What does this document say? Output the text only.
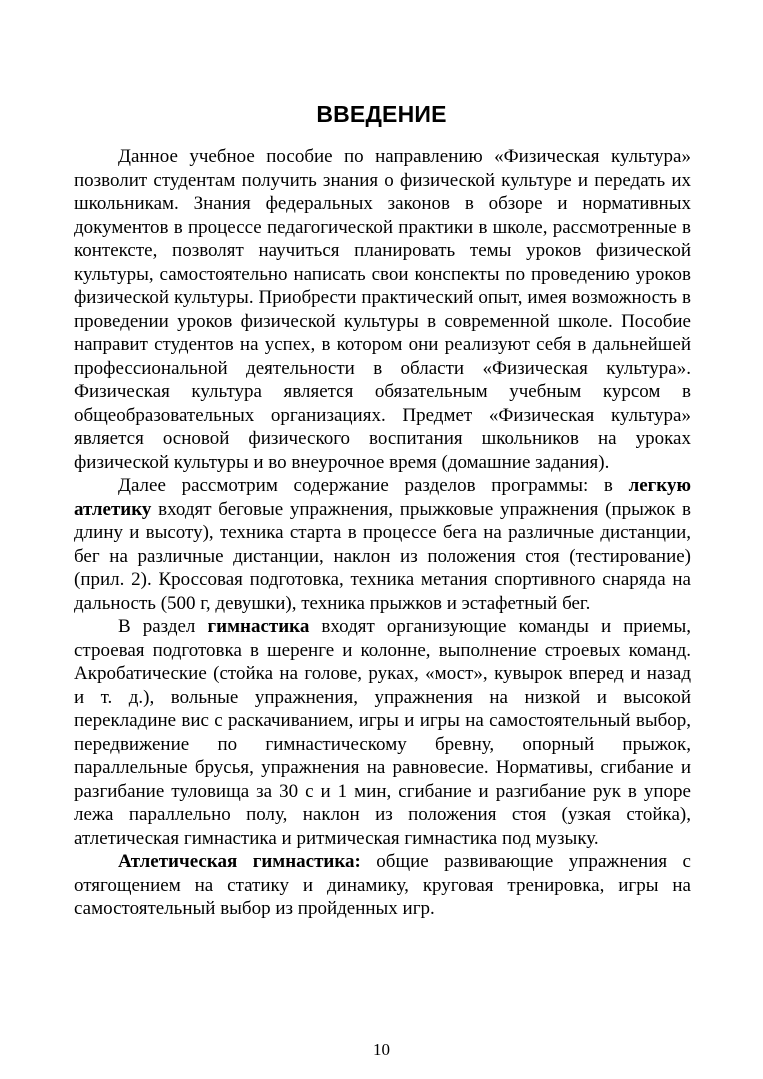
ВВЕДЕНИЕ

Данное учебное пособие по направлению «Физическая культура» позволит студентам получить знания о физической культуре и передать их школьникам. Знания федеральных законов в обзоре и нормативных документов в процессе педагогической практики в школе, рассмотренные в контексте, позволят научиться планировать темы уроков физической культуры, самостоятельно написать свои конспекты по проведению уроков физической культуры. Приобрести практический опыт, имея возможность в проведении уроков физической культуры в современной школе. Пособие направит студентов на успех, в котором они реализуют себя в дальнейшей профессиональной деятельности в области «Физическая культура». Физическая культура является обязательным учебным курсом в общеобразовательных организациях. Предмет «Физическая культура» является основой физического воспитания школьников на уроках физической культуры и во внеурочное время (домашние задания).

Далее рассмотрим содержание разделов программы: в легкую атлетику входят беговые упражнения, прыжковые упражнения (прыжок в длину и высоту), техника старта в процессе бега на различные дистанции, бег на различные дистанции, наклон из положения стоя (тестирование) (прил. 2). Кроссовая подготовка, техника метания спортивного снаряда на дальность (500 г, девушки), техника прыжков и эстафетный бег.

В раздел гимнастика входят организующие команды и приемы, строевая подготовка в шеренге и колонне, выполнение строевых команд. Акробатические (стойка на голове, руках, «мост», кувырок вперед и назад и т. д.), вольные упражнения, упражнения на низкой и высокой перекладине вис с раскачиванием, игры и игры на самостоятельный выбор, передвижение по гимнастическому бревну, опорный прыжок, параллельные брусья, упражнения на равновесие. Нормативы, сгибание и разгибание туловища за 30 с и 1 мин, сгибание и разгибание рук в упоре лежа параллельно полу, наклон из положения стоя (узкая стойка), атлетическая гимнастика и ритмическая гимнастика под музыку.

Атлетическая гимнастика: общие развивающие упражнения с отягощением на статику и динамику, круговая тренировка, игры на самостоятельный выбор из пройденных игр.

10
